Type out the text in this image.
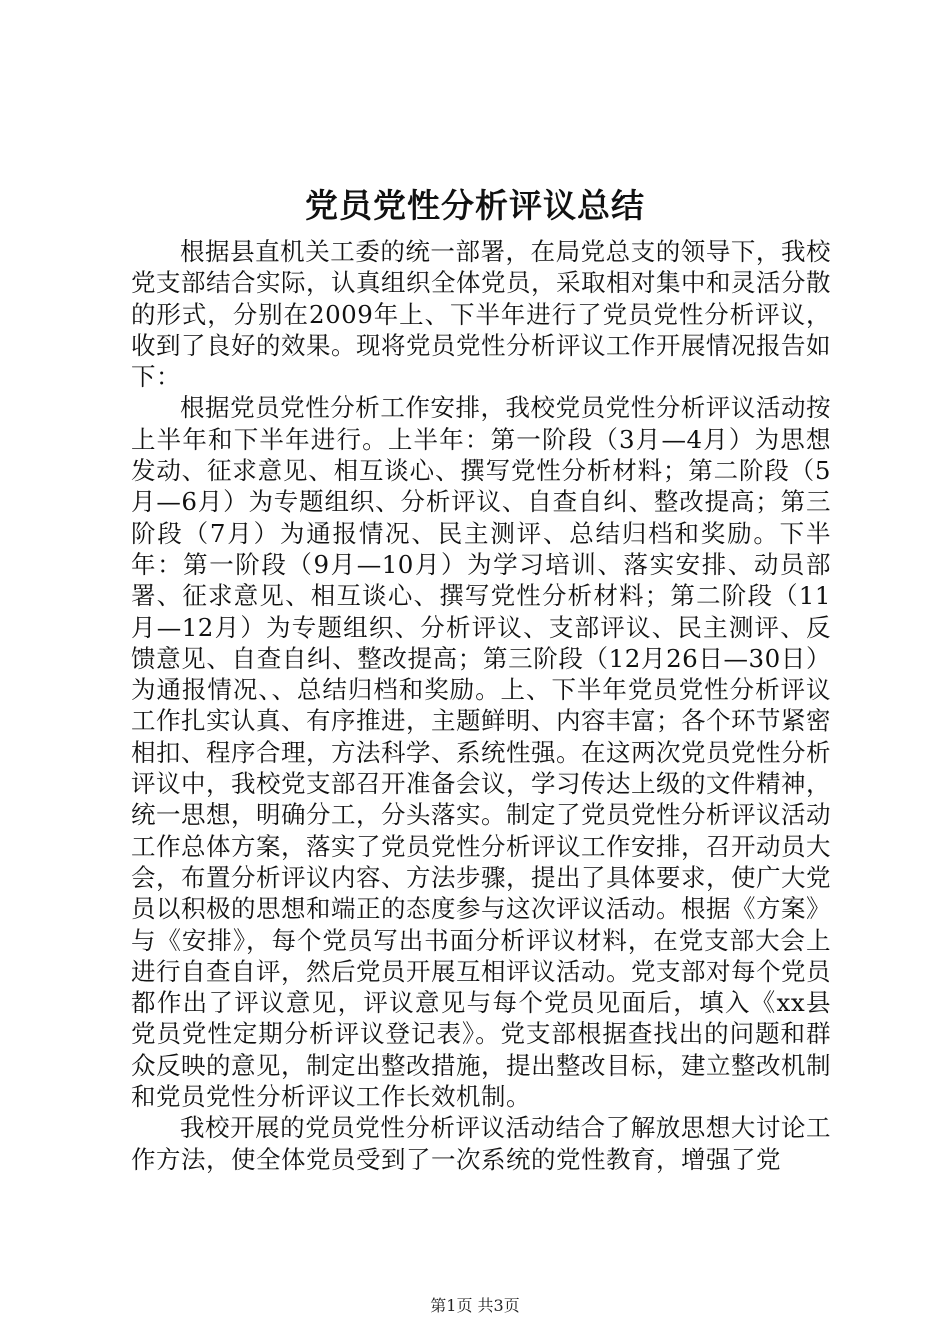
党员党性分析评议总结

根据县直机关工委的统一部署，在局党总支的领导下，我校党支部结合实际，认真组织全体党员，采取相对集中和灵活分散的形式，分别在2009年上、下半年进行了党员党性分析评议，收到了良好的效果。现将党员党性分析评议工作开展情况报告如下：

根据党员党性分析工作安排，我校党员党性分析评议活动按上半年和下半年进行。上半年：第一阶段（3月—4月）为思想发动、征求意见、相互谈心、撰写党性分析材料；第二阶段（5月—6月）为专题组织、分析评议、自查自纠、整改提高；第三阶段（7月）为通报情况、民主测评、总结归档和奖励。下半年：第一阶段（9月—10月）为学习培训、落实安排、动员部署、征求意见、相互谈心、撰写党性分析材料；第二阶段（11月—12月）为专题组织、分析评议、支部评议、民主测评、反馈意见、自查自纠、整改提高；第三阶段（12月26日—30日）为通报情况、、总结归档和奖励。上、下半年党员党性分析评议工作扎实认真、有序推进，主题鲜明、内容丰富；各个环节紧密相扣、程序合理，方法科学、系统性强。在这两次党员党性分析评议中，我校党支部召开准备会议，学习传达上级的文件精神，统一思想，明确分工，分头落实。制定了党员党性分析评议活动工作总体方案，落实了党员党性分析评议工作安排，召开动员大会，布置分析评议内容、方法步骤，提出了具体要求，使广大党员以积极的思想和端正的态度参与这次评议活动。根据《方案》与《安排》，每个党员写出书面分析评议材料，在党支部大会上进行自查自评，然后党员开展互相评议活动。党支部对每个党员都作出了评议意见，评议意见与每个党员见面后，填入《xx县党员党性定期分析评议登记表》。党支部根据查找出的问题和群众反映的意见，制定出整改措施，提出整改目标，建立整改机制和党员党性分析评议工作长效机制。

我校开展的党员党性分析评议活动结合了解放思想大讨论工作方法，使全体党员受到了一次系统的党性教育，增强了党

第1页 共3页
